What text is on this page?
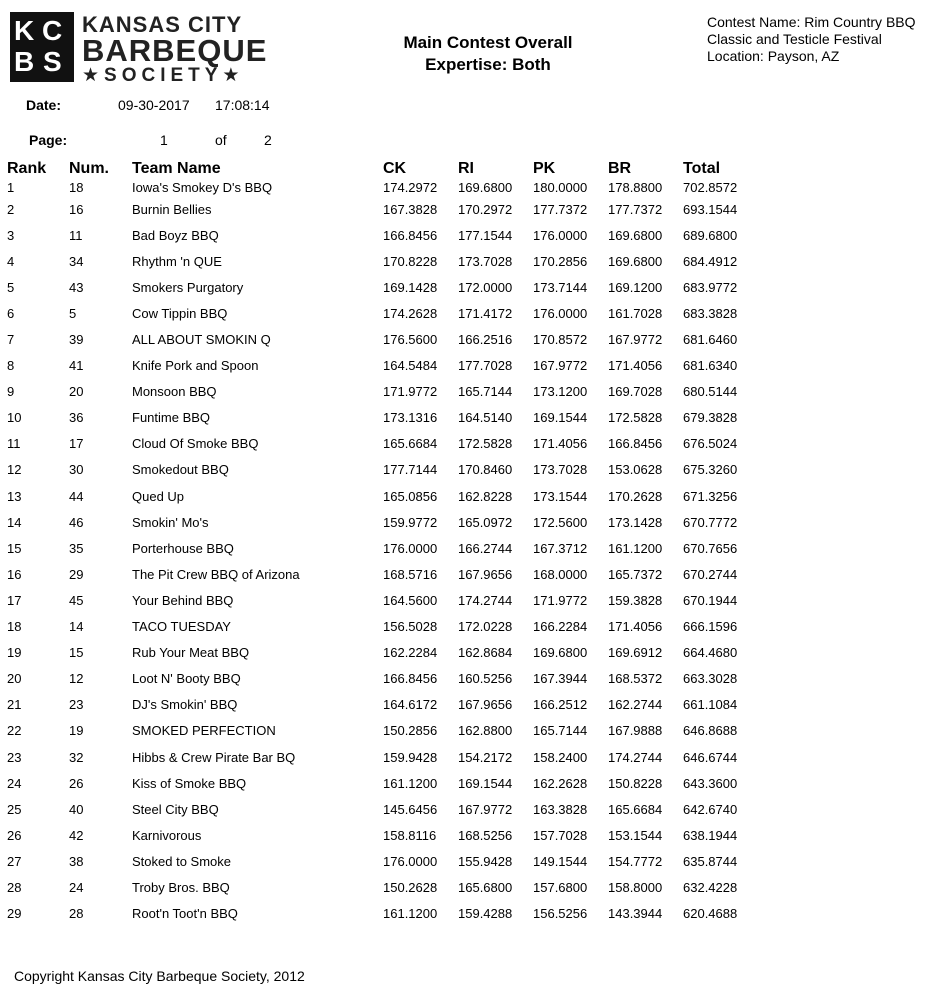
K C
B S
KANSAS CITY
BARBEQUE
★SOCIETY★
Main Contest Overall
Expertise: Both
Contest Name: Rim Country BBQ
Classic and Testicle Festival
Location: Payson, AZ
Date:	09-30-2017 17:08:14
Page:	1	of	2
Rank	Num.	Team Name	CK	RI	PK	BR	Total
1	18	Iowa's Smokey D's BBQ	174.2972	169.6800	180.0000	178.8800	702.8572
2	16	Burnin Bellies	167.3828	170.2972	177.7372	177.7372	693.1544
3	11	Bad Boyz BBQ	166.8456	177.1544	176.0000	169.6800	689.6800
4	34	Rhythm 'n QUE	170.8228	173.7028	170.2856	169.6800	684.4912
5	43	Smokers Purgatory	169.1428	172.0000	173.7144	169.1200	683.9772
6	5	Cow Tippin BBQ	174.2628	171.4172	176.0000	161.7028	683.3828
7	39	ALL ABOUT SMOKIN Q	176.5600	166.2516	170.8572	167.9772	681.6460
8	41	Knife Pork and Spoon	164.5484	177.7028	167.9772	171.4056	681.6340
9	20	Monsoon BBQ	171.9772	165.7144	173.1200	169.7028	680.5144
10	36	Funtime BBQ	173.1316	164.5140	169.1544	172.5828	679.3828
11	17	Cloud Of Smoke BBQ	165.6684	172.5828	171.4056	166.8456	676.5024
12	30	Smokedout BBQ	177.7144	170.8460	173.7028	153.0628	675.3260
13	44	Qued Up	165.0856	162.8228	173.1544	170.2628	671.3256
14	46	Smokin' Mo's	159.9772	165.0972	172.5600	173.1428	670.7772
15	35	Porterhouse BBQ	176.0000	166.2744	167.3712	161.1200	670.7656
16	29	The Pit Crew BBQ of Arizona	168.5716	167.9656	168.0000	165.7372	670.2744
17	45	Your Behind BBQ	164.5600	174.2744	171.9772	159.3828	670.1944
18	14	TACO TUESDAY	156.5028	172.0228	166.2284	171.4056	666.1596
19	15	Rub Your Meat BBQ	162.2284	162.8684	169.6800	169.6912	664.4680
20	12	Loot N' Booty BBQ	166.8456	160.5256	167.3944	168.5372	663.3028
21	23	DJ's Smokin' BBQ	164.6172	167.9656	166.2512	162.2744	661.1084
22	19	SMOKED PERFECTION	150.2856	162.8800	165.7144	167.9888	646.8688
23	32	Hibbs & Crew Pirate Bar BQ	159.9428	154.2172	158.2400	174.2744	646.6744
24	26	Kiss of Smoke BBQ	161.1200	169.1544	162.2628	150.8228	643.3600
25	40	Steel City BBQ	145.6456	167.9772	163.3828	165.6684	642.6740
26	42	Karnivorous	158.8116	168.5256	157.7028	153.1544	638.1944
27	38	Stoked to Smoke	176.0000	155.9428	149.1544	154.7772	635.8744
28	24	Troby Bros. BBQ	150.2628	165.6800	157.6800	158.8000	632.4228
29	28	Root'n Toot'n BBQ	161.1200	159.4288	156.5256	143.3944	620.4688
Copyright Kansas City Barbeque Society, 2012
